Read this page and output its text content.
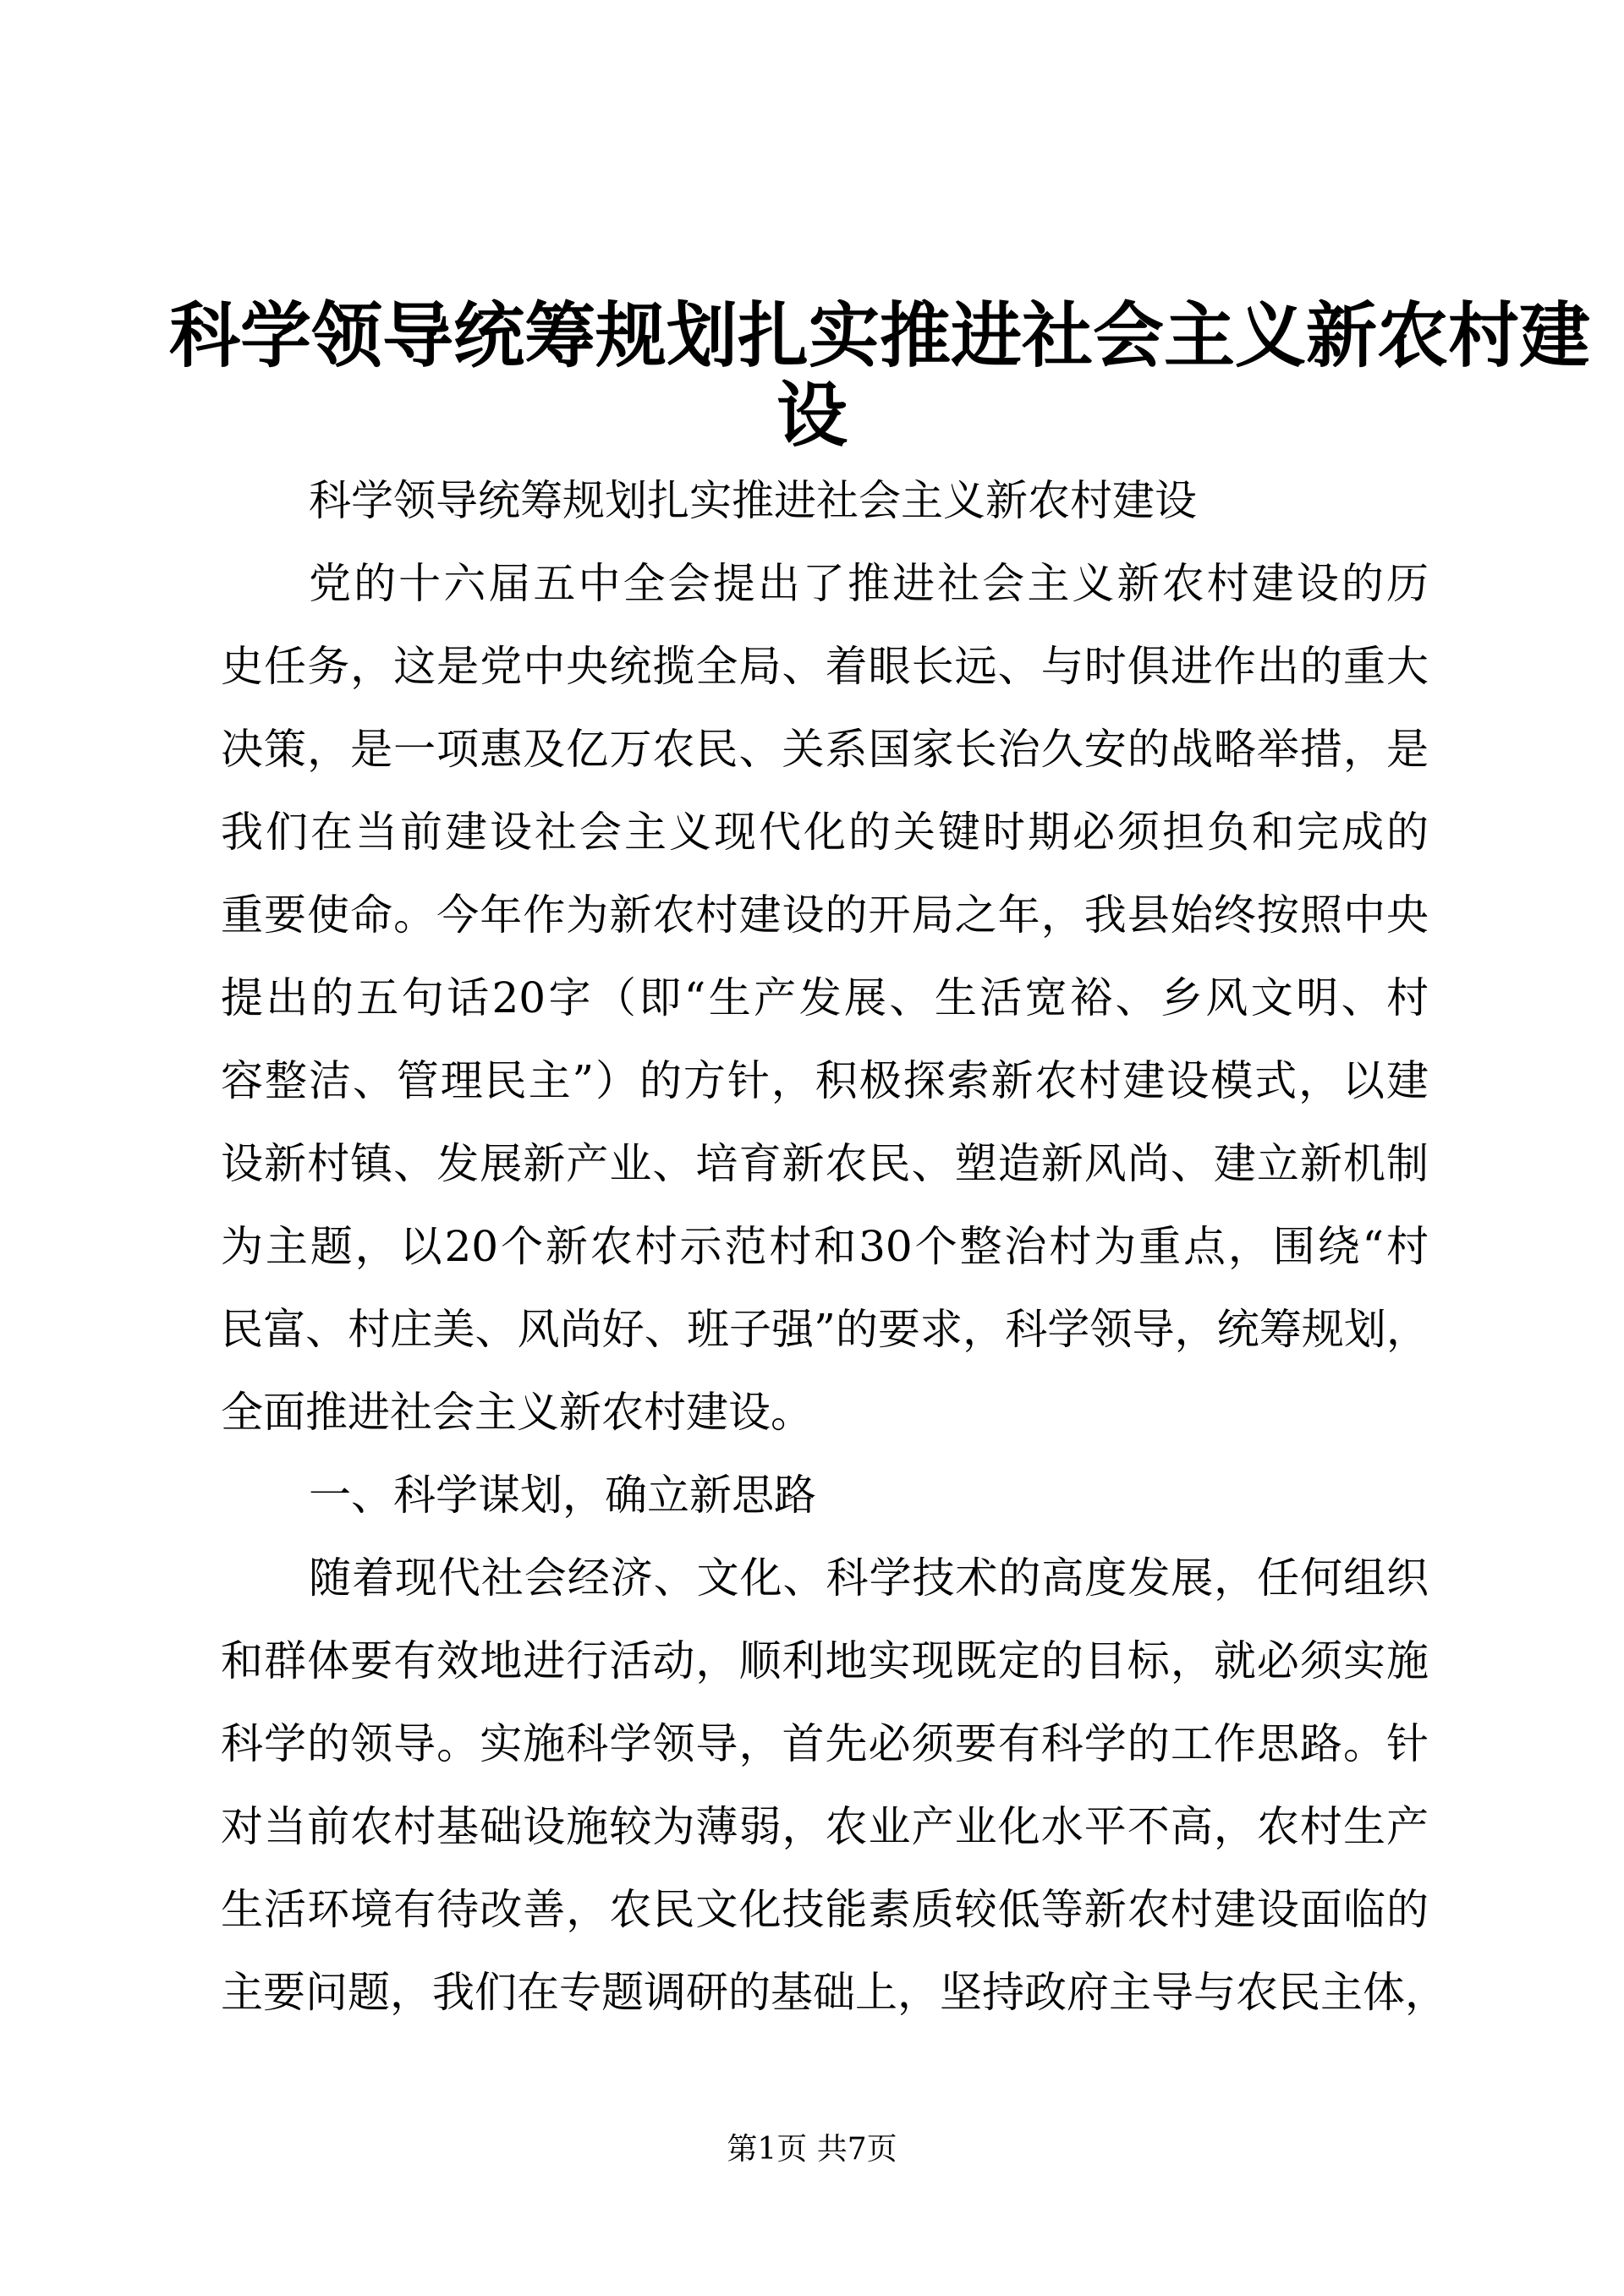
科学领导统筹规划扎实推进社会主义新农村建
设
科学领导统筹规划扎实推进社会主义新农村建设
党的十六届五中全会提出了推进社会主义新农村建设的历
史任务，这是党中央统揽全局、着眼长远、与时俱进作出的重大
决策，是一项惠及亿万农民、关系国家长治久安的战略举措，是
我们在当前建设社会主义现代化的关键时期必须担负和完成的
重要使命。今年作为新农村建设的开局之年，我县始终按照中央
提出的五句话20字（即“生产发展、生活宽裕、乡风文明、村
容整洁、管理民主”）的方针，积极探索新农村建设模式，以建
设新村镇、发展新产业、培育新农民、塑造新风尚、建立新机制
为主题，以20个新农村示范村和30个整治村为重点，围绕“村
民富、村庄美、风尚好、班子强”的要求，科学领导，统筹规划，
全面推进社会主义新农村建设。
一、科学谋划，确立新思路
随着现代社会经济、文化、科学技术的高度发展，任何组织
和群体要有效地进行活动，顺利地实现既定的目标，就必须实施
科学的领导。实施科学领导，首先必须要有科学的工作思路。针
对当前农村基础设施较为薄弱，农业产业化水平不高，农村生产
生活环境有待改善，农民文化技能素质较低等新农村建设面临的
主要问题，我们在专题调研的基础上，坚持政府主导与农民主体，
第1页 共7页
